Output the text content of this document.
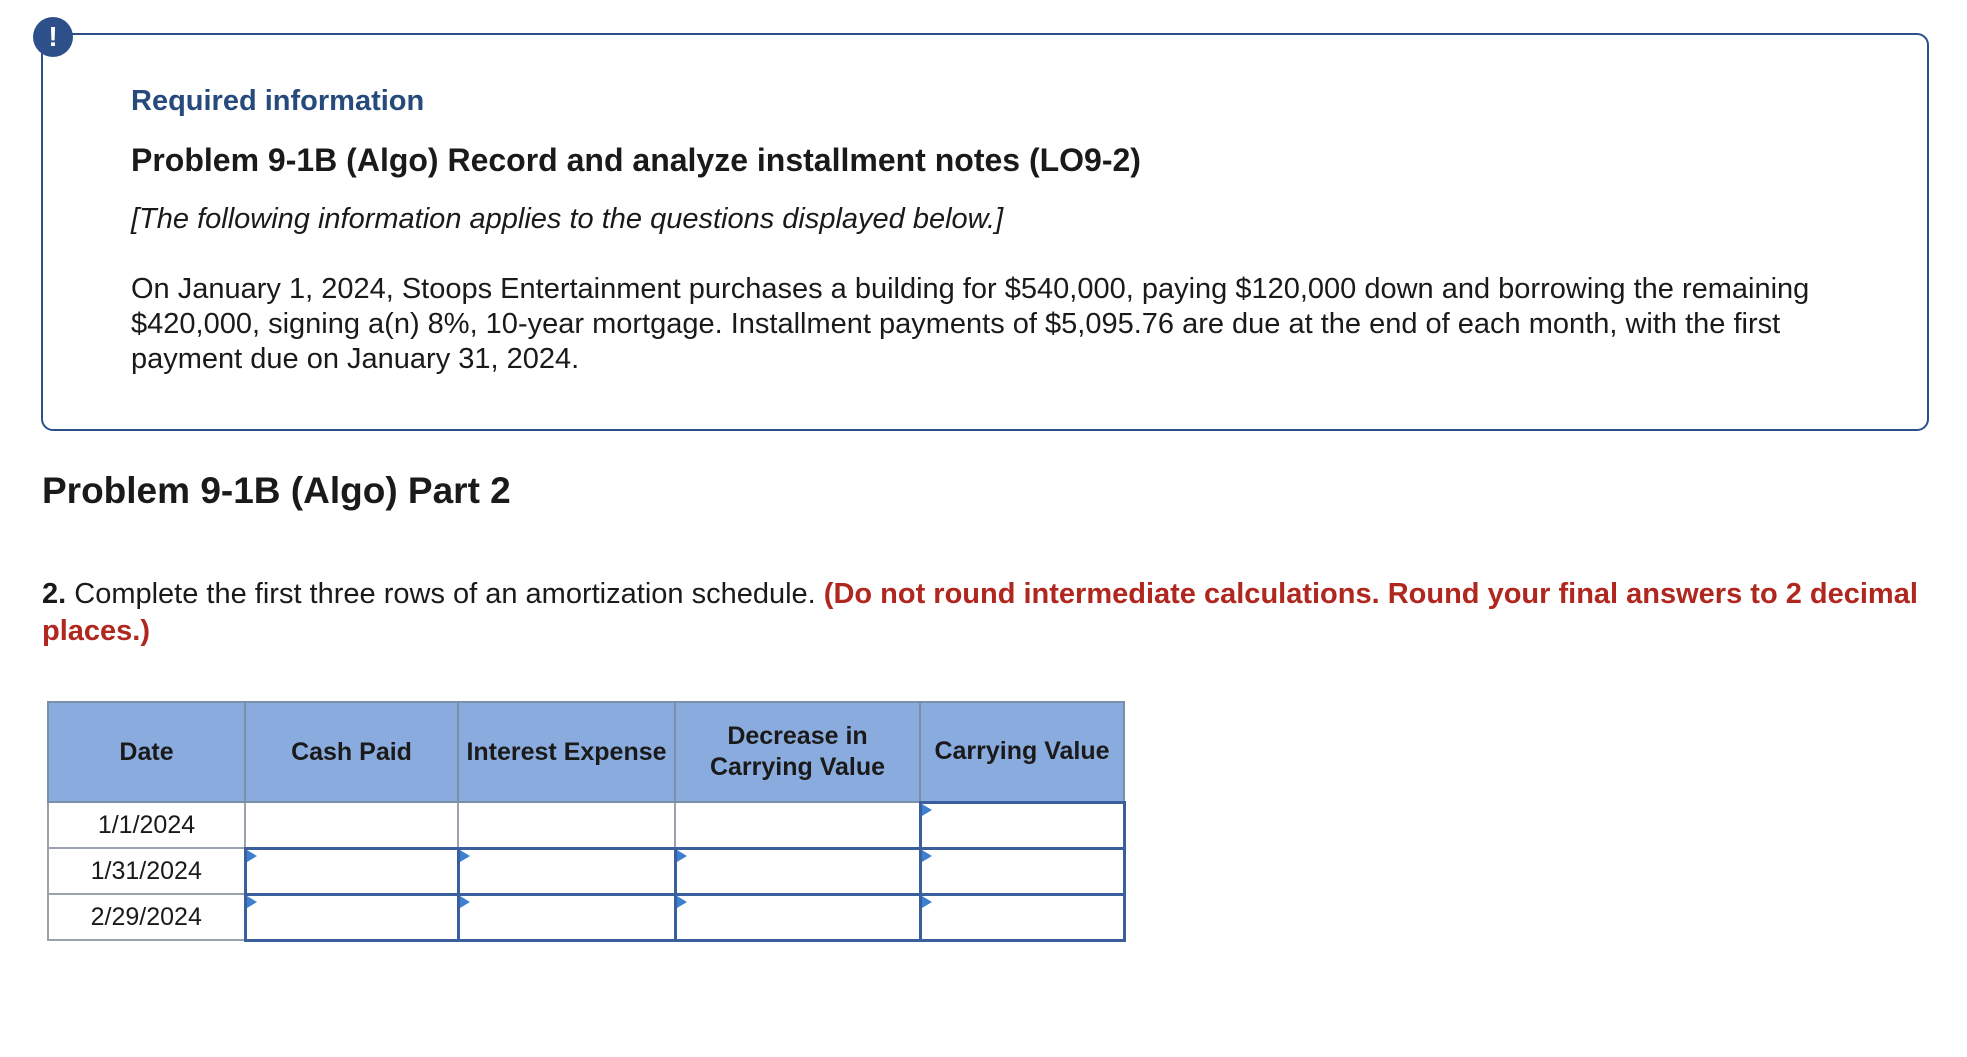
!

Required information

Problem 9-1B (Algo) Record and analyze installment notes (LO9-2)

[The following information applies to the questions displayed below.]

On January 1, 2024, Stoops Entertainment purchases a building for $540,000, paying $120,000 down and borrowing the remaining $420,000, signing a(n) 8%, 10-year mortgage. Installment payments of $5,095.76 are due at the end of each month, with the first payment due on January 31, 2024.

Problem 9-1B (Algo) Part 2

2. Complete the first three rows of an amortization schedule. (Do not round intermediate calculations. Round your final answers to 2 decimal places.)

Date	Cash Paid	Interest Expense	Decrease in Carrying Value	Carrying Value
1/1/2024				
1/31/2024				
2/29/2024				
